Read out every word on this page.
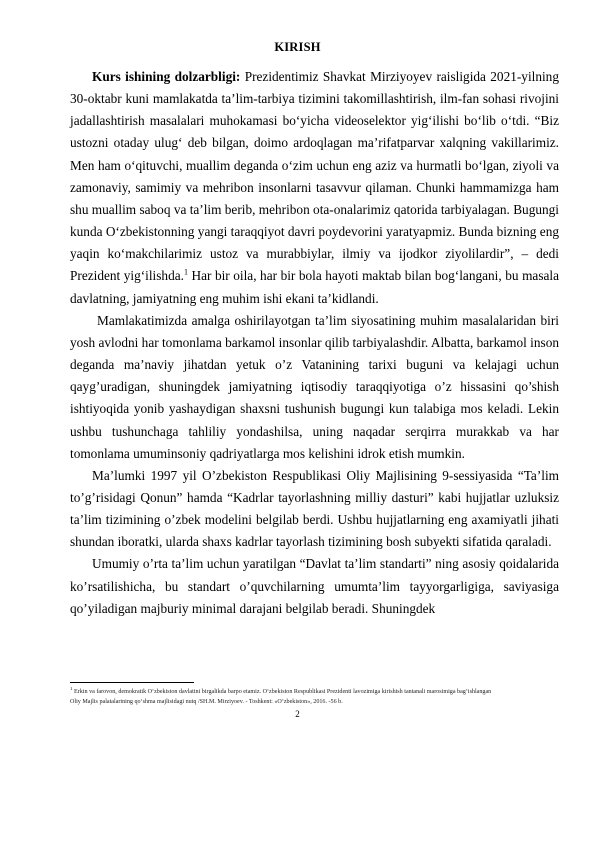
KIRISH

Kurs ishining dolzarbligi: Prezidentimiz Shavkat Mirziyoyev raisligida 2021-yilning 30-oktabr kuni mamlakatda ta’lim-tarbiya tizimini takomillashtirish, ilm-fan sohasi rivojini jadallashtirish masalalari muhokamasi bo‘yicha videoselektor yig‘ilishi bo‘lib o‘tdi. “Biz ustozni otaday ulug‘ deb bilgan, doimo ardoqlagan ma’rifatparvar xalqning vakillarimiz. Men ham o‘qituvchi, muallim deganda o‘zim uchun eng aziz va hurmatli bo‘lgan, ziyoli va zamonaviy, samimiy va mehribon insonlarni tasavvur qilaman. Chunki hammamizga ham shu muallim saboq va ta’lim berib, mehribon ota-onalarimiz qatorida tarbiyalagan. Bugungi kunda O‘zbekistonning yangi taraqqiyot davri poydevorini yaratyapmiz. Bunda bizning eng yaqin ko‘makchilarimiz ustoz va murabbiylar, ilmiy va ijodkor ziyolilardir”, – dedi Prezident yig‘ilishda.$^1$ Har bir oila, har bir bola hayoti maktab bilan bog‘langani, bu masala davlatning, jamiyatning eng muhim ishi ekani ta’kidlandi.

Mamlakatimizda amalga oshirilayotgan ta’lim siyosatining muhim masalalaridan biri yosh avlodni har tomonlama barkamol insonlar qilib tarbiyalashdir. Albatta, barkamol inson deganda ma’naviy jihatdan yetuk o’z Vatanining tarixi buguni va kelajagi uchun qayg’uradigan, shuningdek jamiyatning iqtisodiy taraqqiyotiga o’z hissasini qo’shish ishtiyoqida yonib yashaydigan shaxsni tushunish bugungi kun talabiga mos keladi. Lekin ushbu tushunchaga tahliliy yondashilsa, uning naqadar serqirra murakkab va har tomonlama umuminsoniy qadriyatlarga mos kelishini idrok etish mumkin.

Ma’lumki 1997 yil O’zbekiston Respublikasi Oliy Majlisining 9-sessiyasida “Ta’lim to’g’risidagi Qonun” hamda “Kadrlar tayorlashning milliy dasturi” kabi hujjatlar uzluksiz ta’lim tizimining o’zbek modelini belgilab berdi. Ushbu hujjatlarning eng axamiyatli jihati shundan iboratki, ularda shaxs kadrlar tayorlash tizimining bosh subyekti sifatida qaraladi.

Umumiy o’rta ta’lim uchun yaratilgan “Davlat ta’lim standarti” ning asosiy qoidalarida ko’rsatilishicha, bu standart o’quvchilarning umumta’lim tayyorgarligiga, saviyasiga qo’yiladigan majburiy minimal darajani belgilab beradi. Shuningdek

$^1$ Erkin va farovon, demokratik O‘zbekiston davlatini birgalikda barpo etamiz. O‘zbekiston Respublikasi Prezidenti lavozimiga kirishish tantanali marosimiga bag‘ishlangan
Oliy Majlis palatalarining qo‘shma majlisidagi nutq /SH.M. Mirziyoev. - Toshkent: «O‘zbekiston», 2016. -56 b.
2
